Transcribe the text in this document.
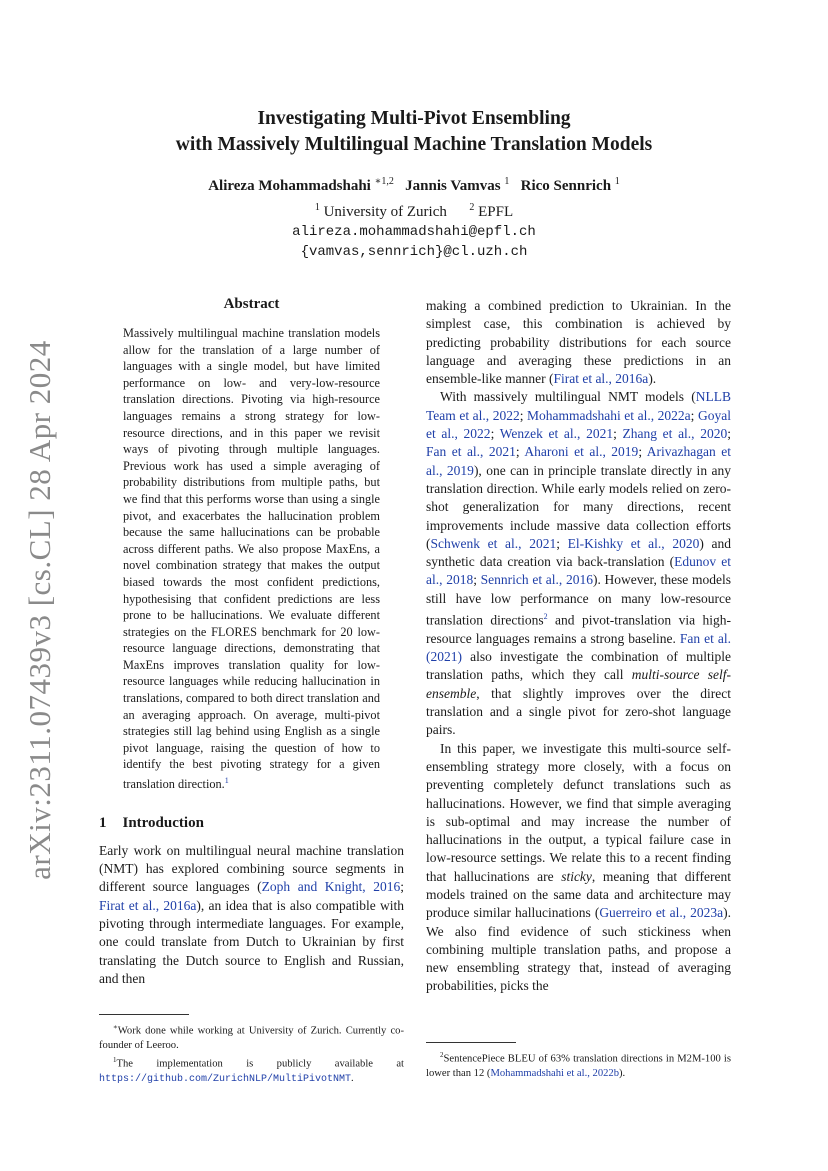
arXiv:2311.07439v3 [cs.CL] 28 Apr 2024

Investigating Multi-Pivot Ensembling
with Massively Multilingual Machine Translation Models

Alireza Mohammadshahi $^{∗1,2}$ Jannis Vamvas $^1$ Rico Sennrich $^1$
$^1$ University of Zurich $^2$ EPFL
alireza.mohammadshahi@epfl.ch
{vamvas,sennrich}@cl.uzh.ch
Abstract

Massively multilingual machine translation models allow for the translation of a large number of languages with a single model, but have limited performance on low- and very-low-resource translation directions. Pivoting via high-resource languages remains a strong strategy for low-resource directions, and in this paper we revisit ways of pivoting through multiple languages. Previous work has used a simple averaging of probability distributions from multiple paths, but we find that this performs worse than using a single pivot, and exacerbates the hallucination problem because the same hallucinations can be probable across different paths. We also propose MaxEns, a novel combination strategy that makes the output biased towards the most confident predictions, hypothesising that confident predictions are less prone to be hallucinations. We evaluate different strategies on the FLORES benchmark for 20 low-resource language directions, demonstrating that MaxEns improves translation quality for low-resource languages while reducing hallucination in translations, compared to both direct translation and an averaging approach. On average, multi-pivot strategies still lag behind using English as a single pivot language, raising the question of how to identify the best pivoting strategy for a given translation direction.$^1$

1 Introduction

Early work on multilingual neural machine translation (NMT) has explored combining source segments in different source languages (Zoph and Knight, 2016; Firat et al., 2016a), an idea that is also compatible with pivoting through intermediate languages. For example, one could translate from Dutch to Ukrainian by first translating the Dutch source to English and Russian, and then

∗Work done while working at University of Zurich. Currently co-founder of Leeroo.

$^1$The implementation is publicly available at https://github.com/ZurichNLP/MultiPivotNMT.

making a combined prediction to Ukrainian. In the simplest case, this combination is achieved by predicting probability distributions for each source language and averaging these predictions in an ensemble-like manner (Firat et al., 2016a).

With massively multilingual NMT models (NLLB Team et al., 2022; Mohammadshahi et al., 2022a; Goyal et al., 2022; Wenzek et al., 2021; Zhang et al., 2020; Fan et al., 2021; Aharoni et al., 2019; Arivazhagan et al., 2019), one can in principle translate directly in any translation direction. While early models relied on zero-shot generalization for many directions, recent improvements include massive data collection efforts (Schwenk et al., 2021; El-Kishky et al., 2020) and synthetic data creation via back-translation (Edunov et al., 2018; Sennrich et al., 2016). However, these models still have low performance on many low-resource translation directions$^2$ and pivot-translation via high-resource languages remains a strong baseline. Fan et al. (2021) also investigate the combination of multiple translation paths, which they call multi-source self-ensemble, that slightly improves over the direct translation and a single pivot for zero-shot language pairs.

In this paper, we investigate this multi-source self-ensembling strategy more closely, with a focus on preventing completely defunct translations such as hallucinations. However, we find that simple averaging is sub-optimal and may increase the number of hallucinations in the output, a typical failure case in low-resource settings. We relate this to a recent finding that hallucinations are sticky, meaning that different models trained on the same data and architecture may produce similar hallucinations (Guerreiro et al., 2023a). We also find evidence of such stickiness when combining multiple translation paths, and propose a new ensembling strategy that, instead of averaging probabilities, picks the

$^2$SentencePiece BLEU of 63% translation directions in M2M-100 is lower than 12 (Mohammadshahi et al., 2022b).
